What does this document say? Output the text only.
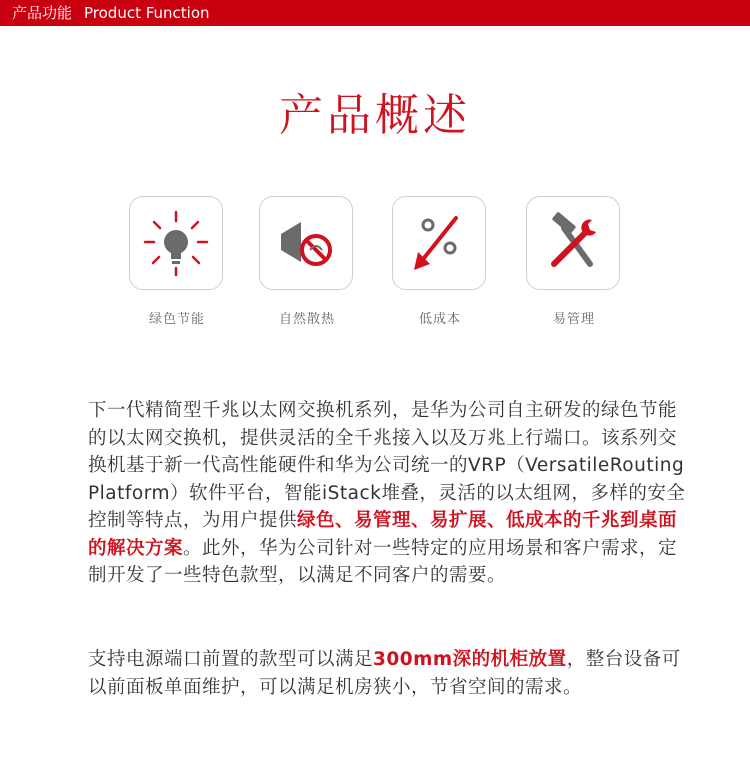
产品功能 Product Function
产品概述
绿色节能	自然散热	低成本	易管理

下一代精简型千兆以太网交换机系列，是华为公司自主研发的绿色节能的以太网交换机，提供灵活的全千兆接入以及万兆上行端口。该系列交换机基于新一代高性能硬件和华为公司统一的VRP（VersatileRouting Platform）软件平台，智能iStack堆叠，灵活的以太组网，多样的安全控制等特点，为用户提供绿色、易管理、易扩展、低成本的千兆到桌面的解决方案。此外，华为公司针对一些特定的应用场景和客户需求，定制开发了一些特色款型，以满足不同客户的需要。

支持电源端口前置的款型可以满足300mm深的机柜放置，整台设备可以前面板单面维护，可以满足机房狭小，节省空间的需求。
